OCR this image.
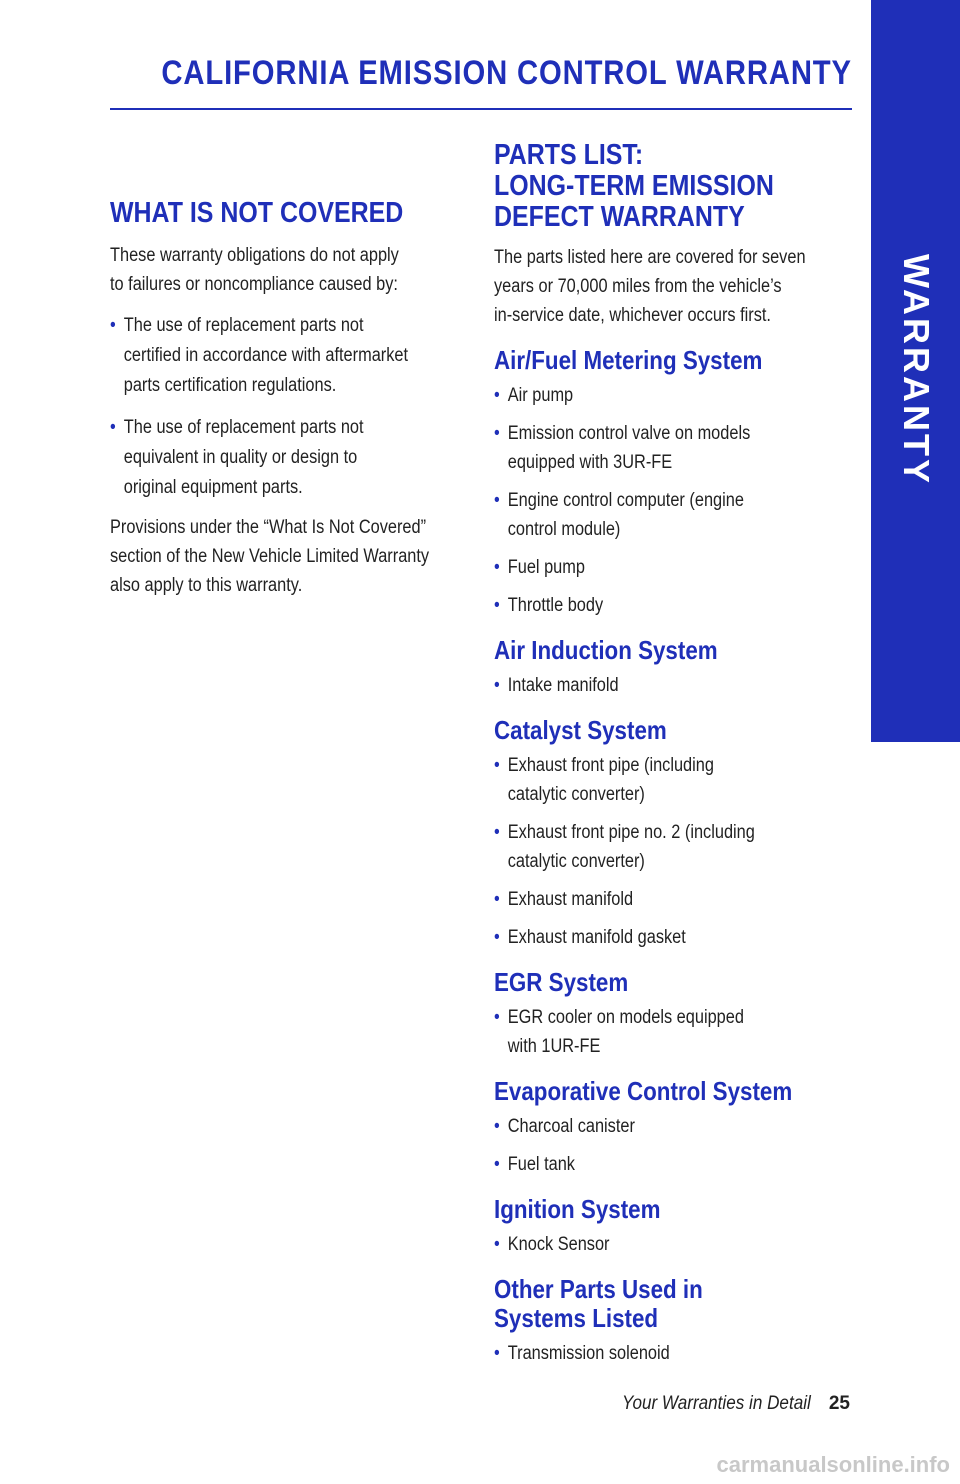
CALIFORNIA EMISSION CONTROL WARRANTY
WARRANTY
WHAT IS NOT COVERED
These warranty obligations do not apply
to failures or noncompliance caused by:
• The use of replacement parts not
certified in accordance with aftermarket
parts certification regulations.
• The use of replacement parts not
equivalent in quality or design to
original equipment parts.
Provisions under the “What Is Not Covered”
section of the New Vehicle Limited Warranty
also apply to this warranty.
PARTS LIST:
LONG-TERM EMISSION
DEFECT WARRANTY
The parts listed here are covered for seven
years or 70,000 miles from the vehicle’s
in-service date, whichever occurs first.
Air/Fuel Metering System
• Air pump
• Emission control valve on models
equipped with 3UR-FE
• Engine control computer (engine
control module)
• Fuel pump
• Throttle body
Air Induction System
• Intake manifold
Catalyst System
• Exhaust front pipe (including
catalytic converter)
• Exhaust front pipe no. 2 (including
catalytic converter)
• Exhaust manifold
• Exhaust manifold gasket
EGR System
• EGR cooler on models equipped
with 1UR-FE
Evaporative Control System
• Charcoal canister
• Fuel tank
Ignition System
• Knock Sensor
Other Parts Used in
Systems Listed
• Transmission solenoid
Your Warranties in Detail 25
carmanualsonline.info
